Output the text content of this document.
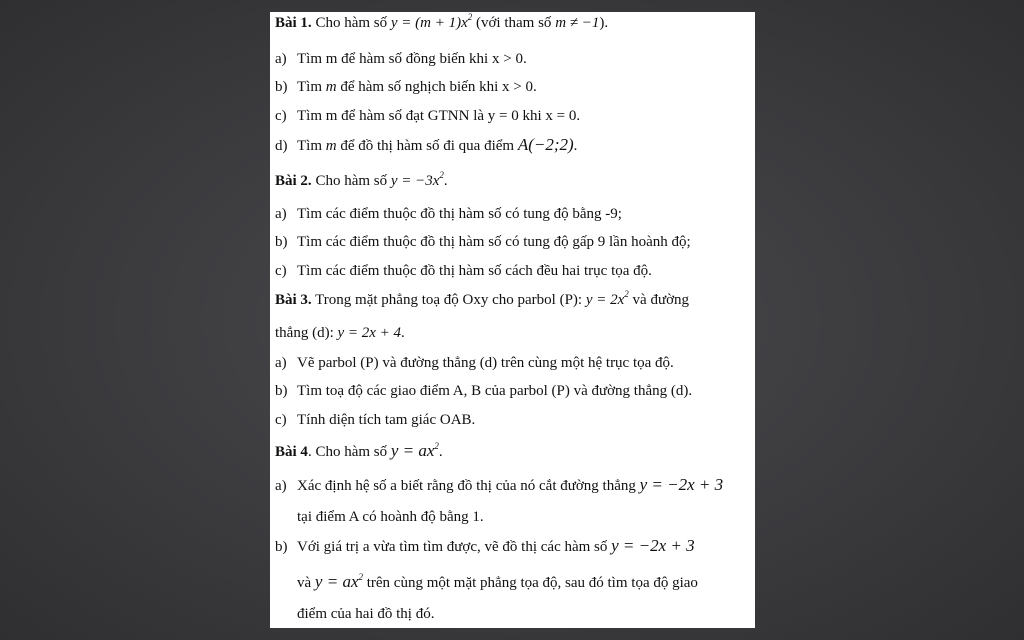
Bài 1. Cho hàm số $y = (m + 1)x^2$ (với tham số m ≠ −1).
a) Tìm m để hàm số đồng biến khi x > 0.
b) Tìm m để hàm số nghịch biến khi x > 0.
c) Tìm m để hàm số đạt GTNN là y = 0 khi x = 0.
d) Tìm m để đồ thị hàm số đi qua điểm A(−2;2).
Bài 2. Cho hàm số $y = -3x^2$.
a) Tìm các điểm thuộc đồ thị hàm số có tung độ bằng -9;
b) Tìm các điểm thuộc đồ thị hàm số có tung độ gấp 9 lần hoành độ;
c) Tìm các điểm thuộc đồ thị hàm số cách đều hai trục tọa độ.
Bài 3. Trong mặt phẳng toạ độ Oxy cho parbol (P): $y = 2x^2$ và đường
thẳng (d): y = 2x + 4.
a) Vẽ parbol (P) và đường thẳng (d) trên cùng một hệ trục tọa độ.
b) Tìm toạ độ các giao điểm A, B của parbol (P) và đường thẳng (d).
c) Tính diện tích tam giác OAB.
Bài 4. Cho hàm số $y = ax^2$.
a) Xác định hệ số a biết rằng đồ thị của nó cắt đường thẳng y = −2x + 3
tại điểm A có hoành độ bằng 1.
b) Với giá trị a vừa tìm tìm được, vẽ đồ thị các hàm số y = −2x + 3
và $y = ax^2$ trên cùng một mặt phẳng tọa độ, sau đó tìm tọa độ giao
điểm của hai đồ thị đó.
